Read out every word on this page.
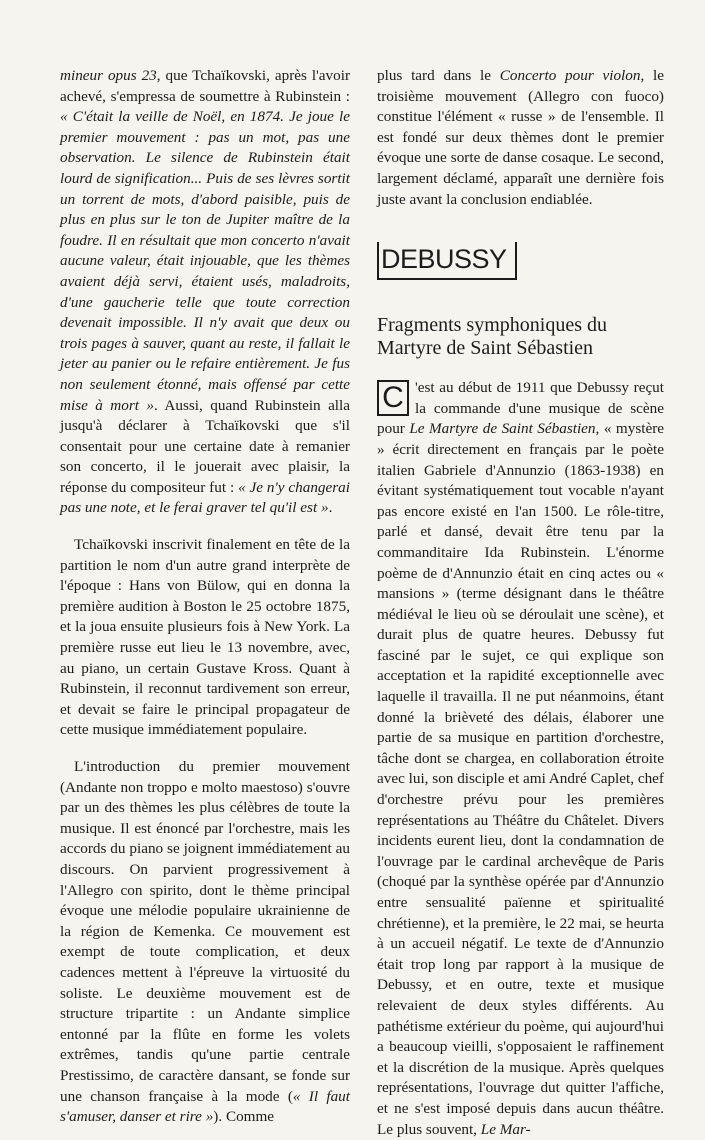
mineur opus 23, que Tchaïkovski, après l'avoir achevé, s'empressa de soumettre à Rubinstein : « C'était la veille de Noël, en 1874. Je joue le premier mouvement : pas un mot, pas une observation. Le silence de Rubinstein était lourd de signification... Puis de ses lèvres sortit un torrent de mots, d'abord paisible, puis de plus en plus sur le ton de Jupiter maître de la foudre. Il en résultait que mon concerto n'avait aucune valeur, était injouable, que les thèmes avaient déjà servi, étaient usés, maladroits, d'une gaucherie telle que toute correction devenait impossible. Il n'y avait que deux ou trois pages à sauver, quant au reste, il fallait le jeter au panier ou le refaire entièrement. Je fus non seulement étonné, mais offensé par cette mise à mort ». Aussi, quand Rubinstein alla jusqu'à déclarer à Tchaïkovski que s'il consentait pour une certaine date à remanier son concerto, il le jouerait avec plaisir, la réponse du compositeur fut : « Je n'y changerai pas une note, et le ferai graver tel qu'il est ».

Tchaïkovski inscrivit finalement en tête de la partition le nom d'un autre grand interprète de l'époque : Hans von Bülow, qui en donna la première audition à Boston le 25 octobre 1875, et la joua ensuite plusieurs fois à New York. La première russe eut lieu le 13 novembre, avec, au piano, un certain Gustave Kross. Quant à Rubinstein, il reconnut tardivement son erreur, et devait se faire le principal propagateur de cette musique immédiatement populaire.

L'introduction du premier mouvement (Andante non troppo e molto maestoso) s'ouvre par un des thèmes les plus célèbres de toute la musique. Il est énoncé par l'orchestre, mais les accords du piano se joignent immédiatement au discours. On parvient progressivement à l'Allegro con spirito, dont le thème principal évoque une mélodie populaire ukrainienne de la région de Kemenka. Ce mouvement est exempt de toute complication, et deux cadences mettent à l'épreuve la virtuosité du soliste. Le deuxième mouvement est de structure tripartite : un Andante simplice entonné par la flûte en forme les volets extrêmes, tandis qu'une partie centrale Prestissimo, de caractère dansant, se fonde sur une chanson française à la mode (« Il faut s'amuser, danser et rire »). Comme

plus tard dans le Concerto pour violon, le troisième mouvement (Allegro con fuoco) constitue l'élément « russe » de l'ensemble. Il est fondé sur deux thèmes dont le premier évoque une sorte de danse cosaque. Le second, largement déclamé, apparaît une dernière fois juste avant la conclusion endiablée.

DEBUSSY
Fragments symphoniques du Martyre de Saint Sébastien

C 'est au début de 1911 que Debussy reçut la commande d'une musique de scène pour Le Martyre de Saint Sébastien, « mystère » écrit directement en français par le poète italien Gabriele d'Annunzio (1863-1938) en évitant systématiquement tout vocable n'ayant pas encore existé en l'an 1500. Le rôle-titre, parlé et dansé, devait être tenu par la commanditaire Ida Rubinstein. L'énorme poème de d'Annunzio était en cinq actes ou « mansions » (terme désignant dans le théâtre médiéval le lieu où se déroulait une scène), et durait plus de quatre heures. Debussy fut fasciné par le sujet, ce qui explique son acceptation et la rapidité exceptionnelle avec laquelle il travailla. Il ne put néanmoins, étant donné la brièveté des délais, élaborer une partie de sa musique en partition d'orchestre, tâche dont se chargea, en collaboration étroite avec lui, son disciple et ami André Caplet, chef d'orchestre prévu pour les premières représentations au Théâtre du Châtelet. Divers incidents eurent lieu, dont la condamnation de l'ouvrage par le cardinal archevêque de Paris (choqué par la synthèse opérée par d'Annunzio entre sensualité païenne et spiritualité chrétienne), et la première, le 22 mai, se heurta à un accueil négatif. Le texte de d'Annunzio était trop long par rapport à la musique de Debussy, et en outre, texte et musique relevaient de deux styles différents. Au pathétisme extérieur du poème, qui aujourd'hui a beaucoup vieilli, s'opposaient le raffinement et la discrétion de la musique. Après quelques représentations, l'ouvrage dut quitter l'affiche, et ne s'est imposé depuis dans aucun théâtre. Le plus souvent, Le Mar-
